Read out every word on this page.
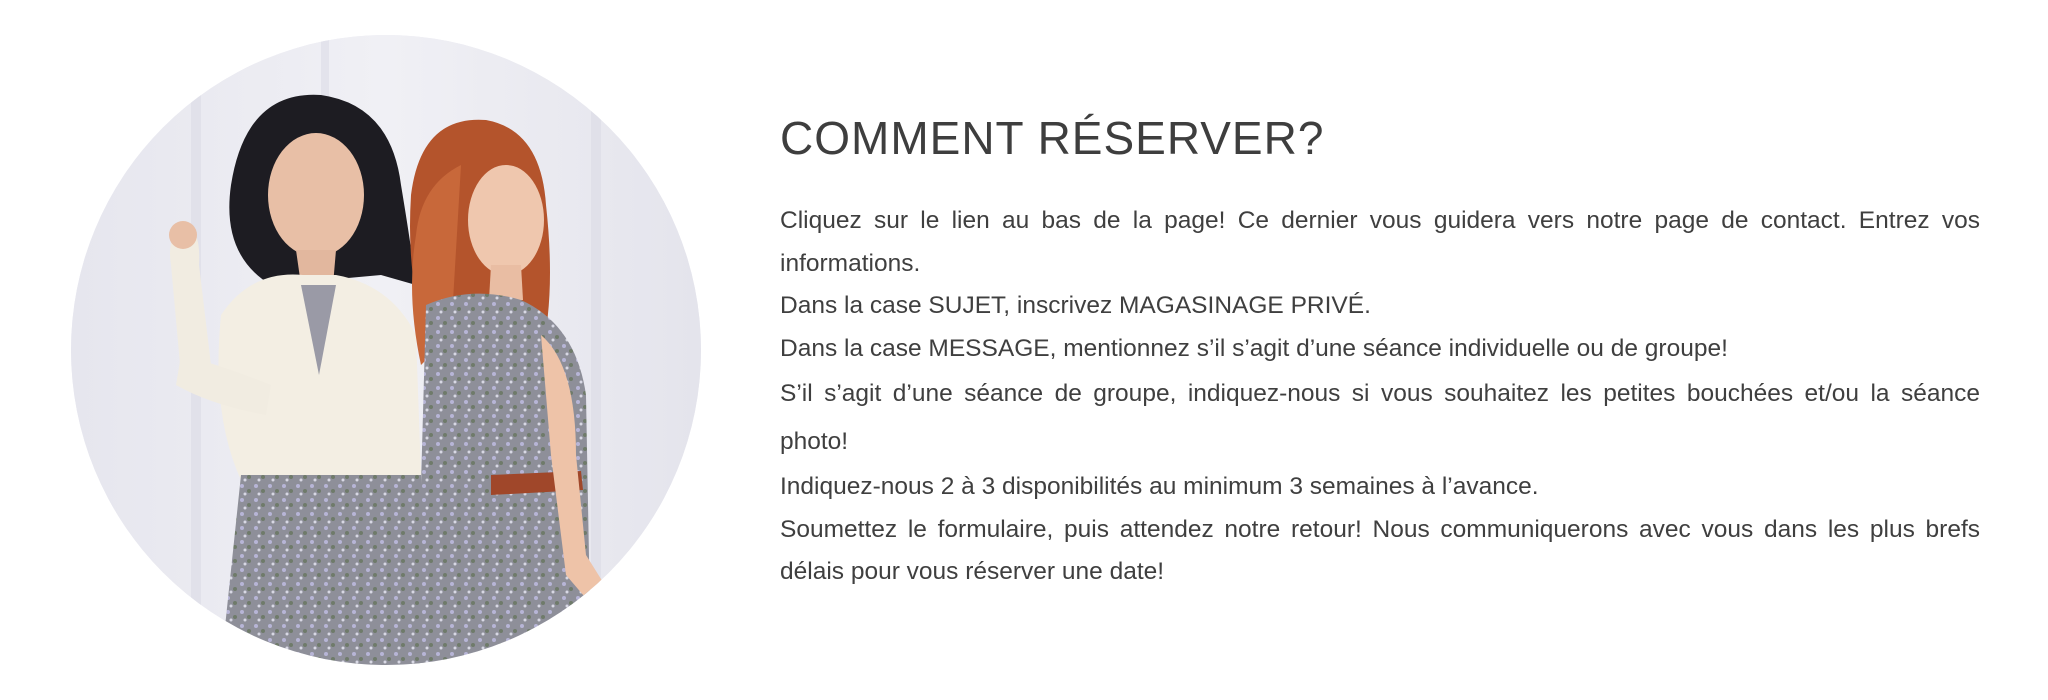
COMMENT RÉSERVER?

Cliquez sur le lien au bas de la page! Ce dernier vous guidera vers notre page de contact. Entrez vos informations.

Dans la case SUJET, inscrivez MAGASINAGE PRIVÉ.

Dans la case MESSAGE, mentionnez s’il s’agit d’une séance individuelle ou de groupe!

S’il s’agit d’une séance de groupe, indiquez-nous si vous souhaitez les petites bouchées et/ou la séance photo!

Indiquez-nous 2 à 3 disponibilités au minimum 3 semaines à l’avance.

Soumettez le formulaire, puis attendez notre retour! Nous communiquerons avec vous dans les plus brefs délais pour vous réserver une date!
